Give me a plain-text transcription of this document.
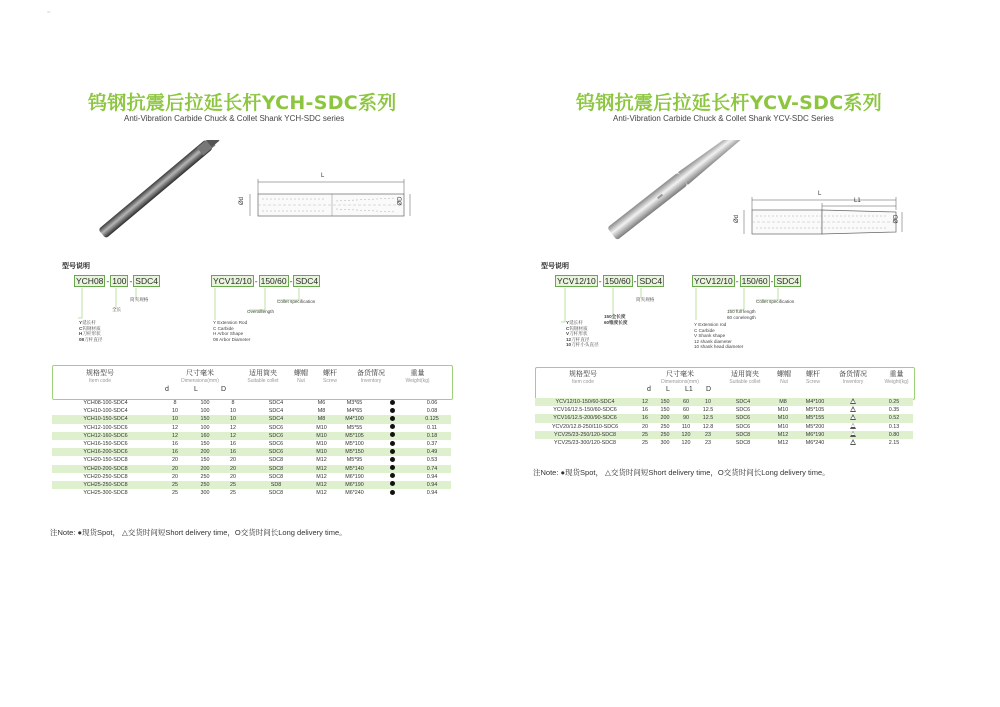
~
钨钢抗震后拉延长杆YCH-SDC系列
Anti-Vibration Carbide Chuck & Collet Shank YCH-SDC series
L
Ød	ØD
型号说明
YCH08 - 100 - SDC4
筒夹规格
全长
Y延长杆
C钨钢材质
H刀杆形状
08刀杆直径
YCV12/10 - 150/60 - SDC4
Collet specification
Overalllength
Y Extension Rod
C Carbide
H Arbor Shape
08 Arbor Diameter
规格型号
Item code
尺寸毫米
Dimensions(mm)
适用筒夹
Suitable collet
螺帽
Nut
螺杆
Screw
备货情况
Inventory
重量
Weight(kg)
d	L	D
YCH08-100-SDC4	8	100	8	SDC4	M6	M3*65		0.06
YCH10-100-SDC4	10	100	10	SDC4	M8	M4*65		0.08
YCH10-150-SDC4	10	150	10	SDC4	M8	M4*100		0.125
YCH12-100-SDC6	12	100	12	SDC6	M10	M5*55		0.11
YCH12-160-SDC6	12	160	12	SDC6	M10	M5*105		0.18
YCH16-150-SDC6	16	150	16	SDC6	M10	M5*100		0.37
YCH16-200-SDC6	16	200	16	SDC6	M10	M5*150		0.49
YCH20-150-SDC8	20	150	20	SDC8	M12	M5*95		0.53
YCH20-200-SDC8	20	200	20	SDC8	M12	M5*140		0.74
YCH20-250-SDC8	20	250	20	SDC8	M12	M6*190		0.94
YCH25-250-SDC8	25	250	25	SD8	M12	M6*190		0.94
YCH25-300-SDC8	25	300	25	SDC8	M12	M6*240		0.94
注Note: ●现货Spot， △交货时间短Short delivery time，O交货时间长Long delivery time。
钨钢抗震后拉延长杆YCV-SDC系列
Anti-Vibration Carbide Chuck & Collet Shank YCV-SDC Series
L
L1
Ød	ØD
型号说明
YCV12/10 - 150/60 - SDC4
筒夹规格
150全长度
60锥度长度
Y延长杆
C钨钢材质
V刀杆形状
12刀杆直径
10刀杆小头直径
YCV12/10 - 150/60 - SDC4
Collet specification
150 full length
60 conelength
Y Extension rod
C Carbide
V Shank shape
12 shank diameter
10 shank head diameter
规格型号
Item code
尺寸毫米
Dimensions(mm)
适用筒夹
Suitable collet
螺帽
Nut
螺杆
Screw
备货情况
Inventory
重量
Weight(kg)
d L L1 D
YCV12/10-150/60-SDC4	12	150	60	10	SDC4	M8	M4*100		0.25
YCV16/12.5-150/60-SDC6	16	150	60	12.5	SDC6	M10	M5*105		0.35
YCV16/12.5-200/90-SDC6	16	200	90	12.5	SDC6	M10	M5*155		0.52
YCV20/12.8-250/110-SDC6	20	250	110	12.8	SDC6	M10	M5*200		0.13
YCV25/23-250/120-SDC8	25	250	120	23	SDC8	M12	M6*190		0.80
YCV25/23-300/120-SDC8	25	300	120	23	SDC8	M12	M6*240		2.15
注Note: ●现货Spot， △交货时间短Short delivery time，O交货时间长Long delivery time。
